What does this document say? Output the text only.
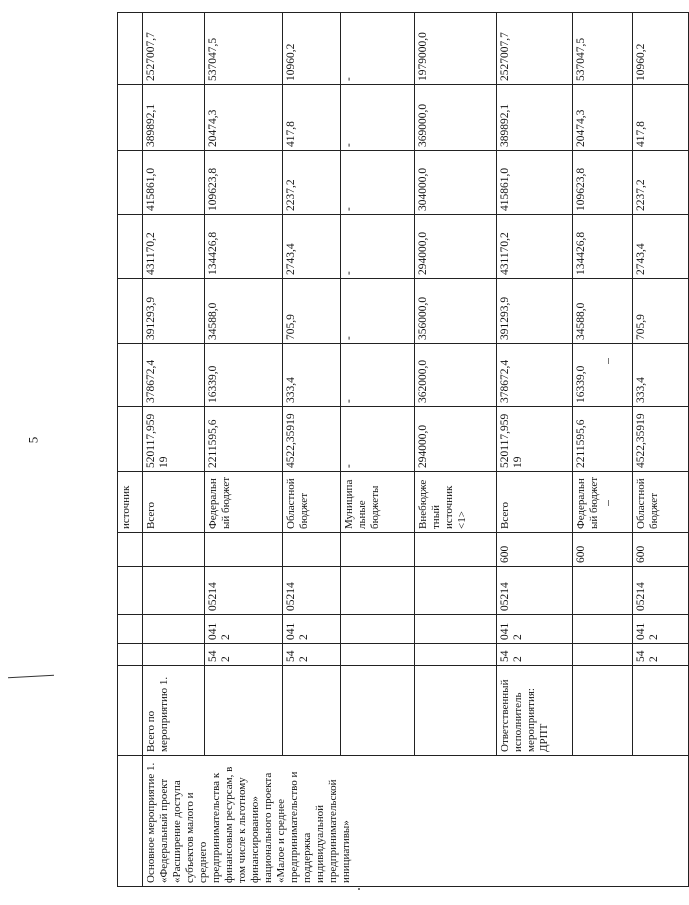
5
						источник							
Основное мероприятие 1. «Федеральный проект «Расширение доступа субъектов малого и среднего предпринимательства к финансовым ресурсам, в том числе к льготному финансированию» национального проекта «Малое и среднее предпринимательство и поддержка индивидуальной предпринимательской инициативы»	Всего по мероприятию 1.					Всего	520117,95919	378672,4	391293,9	431170,2	415861,0	389892,1	2527007,7
		542	0412	05214		Федеральный бюджет	2211595,6	16339,0	34588,0	134426,8	109623,8	20474,3	537047,5
		542	0412	05214		Областной бюджет	4522,35919	333,4	705,9	2743,4	2237,2	417,8	10960,2
						Муниципальные бюджеты	-	-	-	-	-	-	-
						Внебюджетный источник <1>	294000,0	362000,0	356000,0	294000,0	304000,0	369000,0	1979000,0
	Ответственный исполнитель мероприятия: ДРПТ	542	0412	05214	600	Всего	520117,95919	378672,4	391293,9	431170,2	415861,0	389892,1	2527007,7
					600	Федеральный бюджет	2211595,6	16339,0	34588,0	134426,8	109623,8	20474,3	537047,5
		542	0412	05214	600	Областной бюджет	4522,35919	333,4	705,9	2743,4	2237,2	417,8	10960,2
